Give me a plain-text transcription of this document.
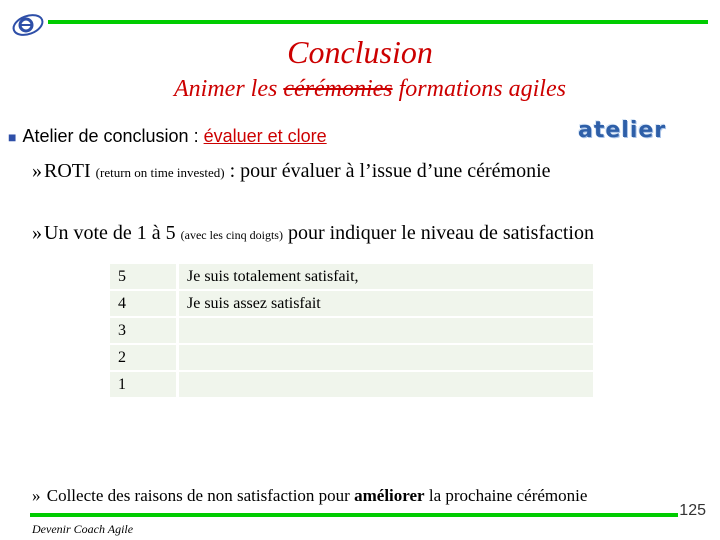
Conclusion
Animer les cérémonies formations agiles
atelier
■ Atelier de conclusion : évaluer et clore
» ROTI (return on time invested) : pour évaluer à l’issue d’une cérémonie
» Un vote de 1 à 5 (avec les cinq doigts) pour indiquer le niveau de satisfaction
5	Je suis totalement satisfait,
4	Je suis assez satisfait
3	
2	
1	
» Collecte des raisons de non satisfaction pour améliorer la prochaine cérémonie
Devenir Coach Agile
125
